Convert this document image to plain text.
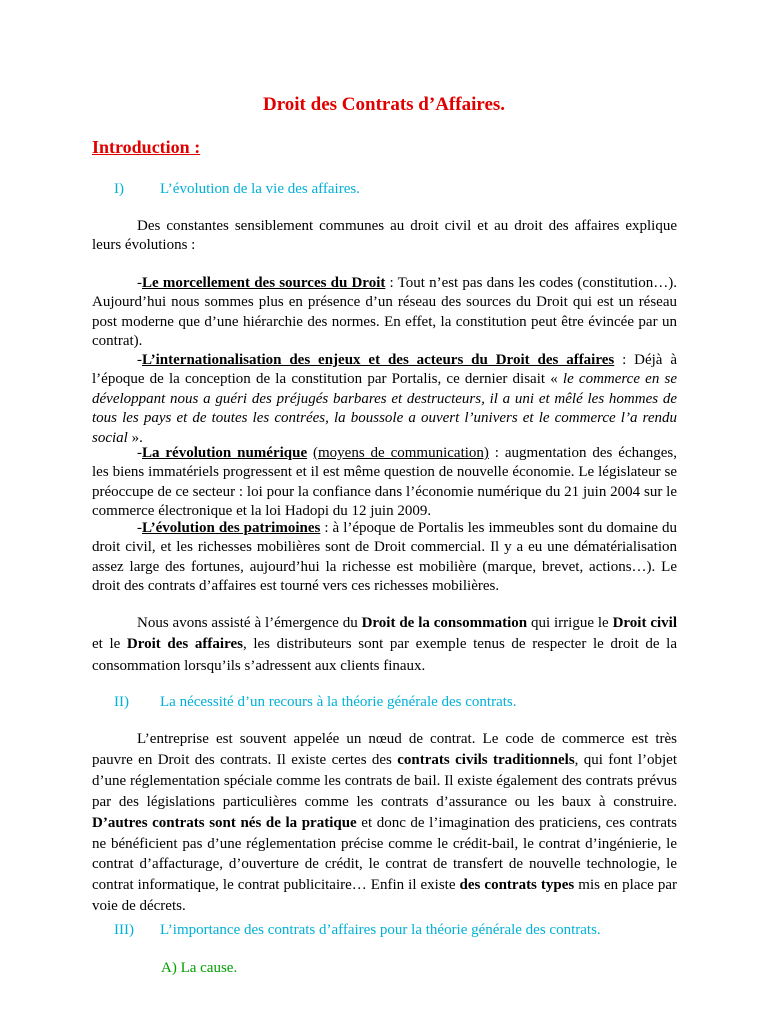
Droit des Contrats d’Affaires.
Introduction :
I) L’évolution de la vie des affaires.

Des constantes sensiblement communes au droit civil et au droit des affaires explique leurs évolutions :

-Le morcellement des sources du Droit : Tout n’est pas dans les codes (constitution…). Aujourd’hui nous sommes plus en présence d’un réseau des sources du Droit qui est un réseau post moderne que d’une hiérarchie des normes. En effet, la constitution peut être évincée par un contrat).

-L’internationalisation des enjeux et des acteurs du Droit des affaires : Déjà à l’époque de la conception de la constitution par Portalis, ce dernier disait « le commerce en se développant nous a guéri des préjugés barbares et destructeurs, il a uni et mêlé les hommes de tous les pays et de toutes les contrées, la boussole a ouvert l’univers et le commerce l’a rendu social ».

-La révolution numérique (moyens de communication) : augmentation des échanges, les biens immatériels progressent et il est même question de nouvelle économie. Le législateur se préoccupe de ce secteur : loi pour la confiance dans l’économie numérique du 21 juin 2004 sur le commerce électronique et la loi Hadopi du 12 juin 2009.

-L’évolution des patrimoines : à l’époque de Portalis les immeubles sont du domaine du droit civil, et les richesses mobilières sont de Droit commercial. Il y a eu une dématérialisation assez large des fortunes, aujourd’hui la richesse est mobilière (marque, brevet, actions…). Le droit des contrats d’affaires est tourné vers ces richesses mobilières.

Nous avons assisté à l’émergence du Droit de la consommation qui irrigue le Droit civil et le Droit des affaires, les distributeurs sont par exemple tenus de respecter le droit de la consommation lorsqu’ils s’adressent aux clients finaux.

II) La nécessité d’un recours à la théorie générale des contrats.

L’entreprise est souvent appelée un nœud de contrat. Le code de commerce est très pauvre en Droit des contrats. Il existe certes des contrats civils traditionnels, qui font l’objet d’une réglementation spéciale comme les contrats de bail. Il existe également des contrats prévus par des législations particulières comme les contrats d’assurance ou les baux à construire. D’autres contrats sont nés de la pratique et donc de l’imagination des praticiens, ces contrats ne bénéficient pas d’une réglementation précise comme le crédit-bail, le contrat d’ingénierie, le contrat d’affacturage, d’ouverture de crédit, le contrat de transfert de nouvelle technologie, le contrat informatique, le contrat publicitaire… Enfin il existe des contrats types mis en place par voie de décrets.

III) L’importance des contrats d’affaires pour la théorie générale des contrats.
A) La cause.
